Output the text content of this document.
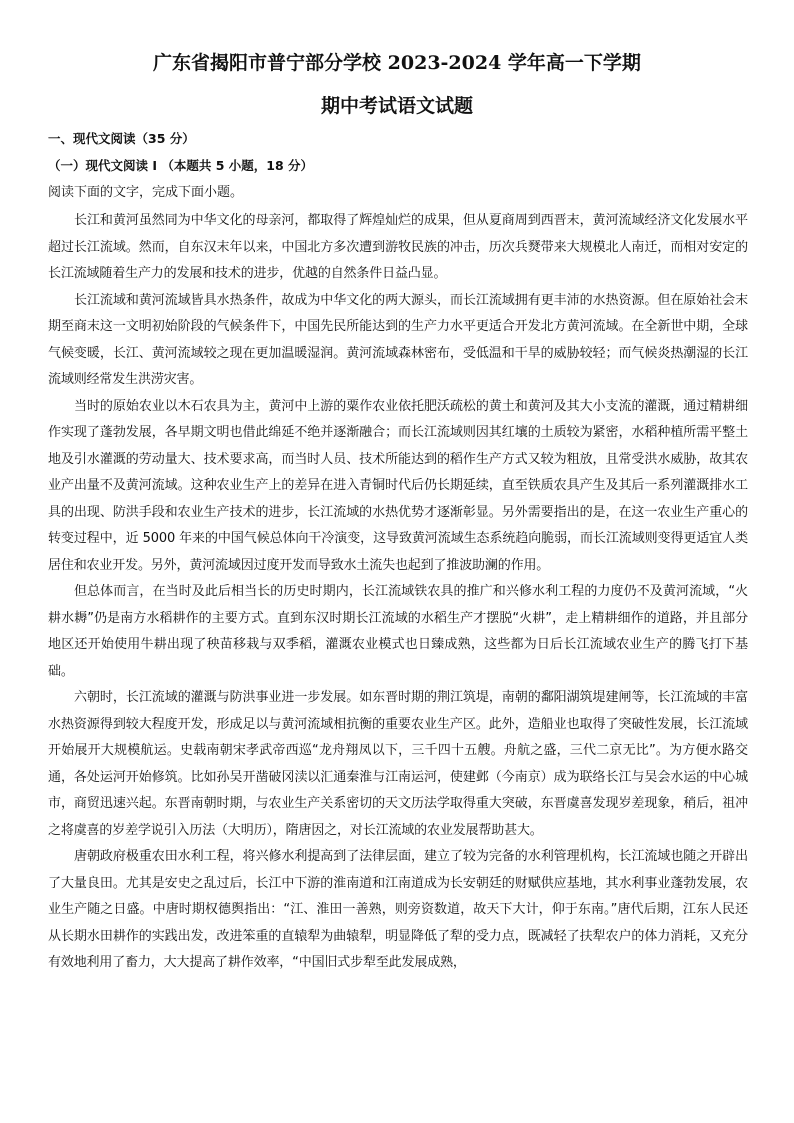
广东省揭阳市普宁部分学校 2023-2024 学年高一下学期
期中考试语文试题
一、现代文阅读（35 分）
（一）现代文阅读 I （本题共 5 小题，18 分）

阅读下面的文字，完成下面小题。

长江和黄河虽然同为中华文化的母亲河，都取得了辉煌灿烂的成果，但从夏商周到西晋末，黄河流域经济文化发展水平超过长江流域。然而，自东汉末年以来，中国北方多次遭到游牧民族的冲击，历次兵燹带来大规模北人南迁，而相对安定的长江流域随着生产力的发展和技术的进步，优越的自然条件日益凸显。

长江流域和黄河流域皆具水热条件，故成为中华文化的两大源头，而长江流域拥有更丰沛的水热资源。但在原始社会末期至商末这一文明初始阶段的气候条件下，中国先民所能达到的生产力水平更适合开发北方黄河流域。在全新世中期，全球气候变暖，长江、黄河流域较之现在更加温暖湿润。黄河流域森林密布，受低温和干旱的威胁较轻；而气候炎热潮湿的长江流域则经常发生洪涝灾害。

当时的原始农业以木石农具为主，黄河中上游的粟作农业依托肥沃疏松的黄土和黄河及其大小支流的灌溉，通过精耕细作实现了蓬勃发展，各早期文明也借此绵延不绝并逐渐融合；而长江流域则因其红壤的土质较为紧密，水稻种植所需平整土地及引水灌溉的劳动量大、技术要求高，而当时人员、技术所能达到的稻作生产方式又较为粗放，且常受洪水威胁，故其农业产出量不及黄河流域。这种农业生产上的差异在进入青铜时代后仍长期延续，直至铁质农具产生及其后一系列灌溉排水工具的出现、防洪手段和农业生产技术的进步，长江流域的水热优势才逐渐彰显。另外需要指出的是，在这一农业生产重心的转变过程中，近 5000 年来的中国气候总体向干冷演变，这导致黄河流域生态系统趋向脆弱，而长江流域则变得更适宜人类居住和农业开发。另外，黄河流域因过度开发而导致水土流失也起到了推波助澜的作用。

但总体而言，在当时及此后相当长的历史时期内，长江流域铁农具的推广和兴修水利工程的力度仍不及黄河流域，“火耕水耨”仍是南方水稻耕作的主要方式。直到东汉时期长江流域的水稻生产才摆脱“火耕”，走上精耕细作的道路，并且部分地区还开始使用牛耕出现了秧苗移栽与双季稻，灌溉农业模式也日臻成熟，这些都为日后长江流域农业生产的腾飞打下基础。

六朝时，长江流域的灌溉与防洪事业进一步发展。如东晋时期的荆江筑堤，南朝的鄱阳湖筑堤建闸等，长江流域的丰富水热资源得到较大程度开发，形成足以与黄河流域相抗衡的重要农业生产区。此外，造船业也取得了突破性发展，长江流域开始展开大规模航运。史载南朝宋孝武帝西巡“龙舟翔凤以下，三千四十五艘。舟航之盛，三代二京无比”。为方便水路交通，各处运河开始修筑。比如孙吴开凿破冈渎以汇通秦淮与江南运河，使建邺（今南京）成为联络长江与吴会水运的中心城市，商贸迅速兴起。东晋南朝时期，与农业生产关系密切的天文历法学取得重大突破，东晋虞喜发现岁差现象，稍后，祖冲之将虞喜的岁差学说引入历法（大明历），隋唐因之，对长江流域的农业发展帮助甚大。

唐朝政府极重农田水利工程，将兴修水利提高到了法律层面，建立了较为完备的水利管理机构，长江流域也随之开辟出了大量良田。尤其是安史之乱过后，长江中下游的淮南道和江南道成为长安朝廷的财赋供应基地，其水利事业蓬勃发展，农业生产随之日盛。中唐时期权德舆指出：“江、淮田一善熟，则旁资数道，故天下大计，仰于东南。”唐代后期，江东人民还从长期水田耕作的实践出发，改进笨重的直辕犁为曲辕犁，明显降低了犁的受力点，既减轻了扶犁农户的体力消耗，又充分有效地利用了畜力，大大提高了耕作效率，“中国旧式步犁至此发展成熟，
